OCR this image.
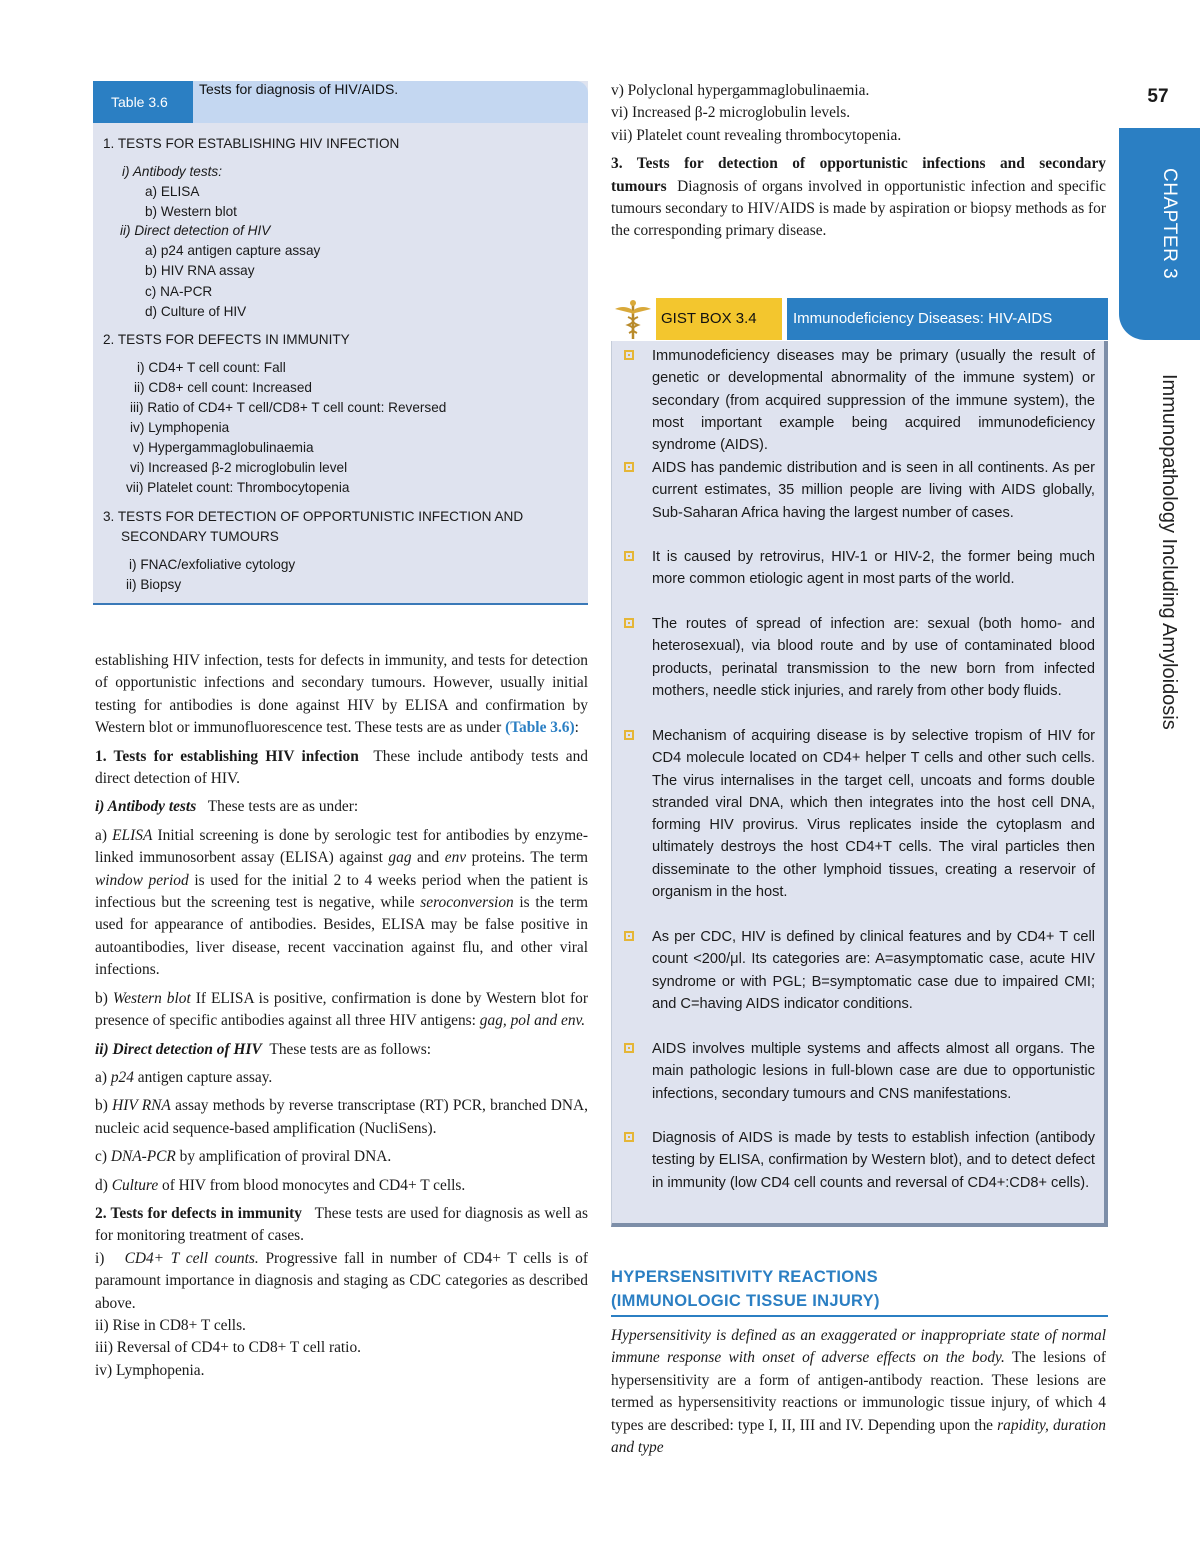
57
CHAPTER 3
Immunopathology Including Amyloidosis
Table 3.6
Tests for diagnosis of HIV/AIDS.
1. TESTS FOR ESTABLISHING HIV INFECTION
i) Antibody tests:
a) ELISA
b) Western blot
ii) Direct detection of HIV
a) p24 antigen capture assay
b) HIV RNA assay
c) NA-PCR
d) Culture of HIV
2. TESTS FOR DEFECTS IN IMMUNITY
i) CD4+ T cell count: Fall
ii) CD8+ cell count: Increased
iii) Ratio of CD4+ T cell/CD8+ T cell count: Reversed
iv) Lymphopenia
v) Hypergammaglobulinaemia
vi) Increased β-2 microglobulin level
vii) Platelet count: Thrombocytopenia
3. TESTS FOR DETECTION OF OPPORTUNISTIC INFECTION AND
SECONDARY TUMOURS
i) FNAC/exfoliative cytology
ii) Biopsy

establishing HIV infection, tests for defects in immunity, and tests for detection of opportunistic infections and secondary tumours. However, usually initial testing for antibodies is done against HIV by ELISA and confirmation by Western blot or immunofluorescence test. These tests are as under (Table 3.6):

1. Tests for establishing HIV infection These include antibody tests and direct detection of HIV.

i) Antibody tests These tests are as under:

a) ELISA Initial screening is done by serologic test for antibodies by enzyme-linked immunosorbent assay (ELISA) against gag and env proteins. The term window period is used for the initial 2 to 4 weeks period when the patient is infectious but the screening test is negative, while seroconversion is the term used for appearance of antibodies. Besides, ELISA may be false positive in autoantibodies, liver disease, recent vaccination against flu, and other viral infections.

b) Western blot If ELISA is positive, confirmation is done by Western blot for presence of specific antibodies against all three HIV antigens: gag, pol and env.

ii) Direct detection of HIV These tests are as follows:

a) p24 antigen capture assay.

b) HIV RNA assay methods by reverse transcriptase (RT) PCR, branched DNA, nucleic acid sequence-based amplification (NucliSens).

c) DNA-PCR by amplification of proviral DNA.

d) Culture of HIV from blood monocytes and CD4+ T cells.

2. Tests for defects in immunity These tests are used for diagnosis as well as for monitoring treatment of cases.

i) CD4+ T cell counts. Progressive fall in number of CD4+ T cells is of paramount importance in diagnosis and staging as CDC categories as described above.

ii) Rise in CD8+ T cells.

iii) Reversal of CD4+ to CD8+ T cell ratio.

iv) Lymphopenia.

v) Polyclonal hypergammaglobulinaemia.

vi) Increased β-2 microglobulin levels.

vii) Platelet count revealing thrombocytopenia.

3. Tests for detection of opportunistic infections and secondary tumours Diagnosis of organs involved in opportunistic infection and specific tumours secondary to HIV/AIDS is made by aspiration or biopsy methods as for the corresponding primary disease.

GIST BOX 3.4	Immunodeficiency Diseases: HIV-AIDS
Immunodeficiency diseases may be primary (usually the result of genetic or developmental abnormality of the immune system) or secondary (from acquired suppression of the immune system), the most important example being acquired immunodeficiency syndrome (AIDS).
AIDS has pandemic distribution and is seen in all continents. As per current estimates, 35 million people are living with AIDS globally, Sub-Saharan Africa having the largest number of cases.
It is caused by retrovirus, HIV-1 or HIV-2, the former being much more common etiologic agent in most parts of the world.
The routes of spread of infection are: sexual (both homo- and heterosexual), via blood route and by use of contaminated blood products, perinatal transmission to the new born from infected mothers, needle stick injuries, and rarely from other body fluids.
Mechanism of acquiring disease is by selective tropism of HIV for CD4 molecule located on CD4+ helper T cells and other such cells. The virus internalises in the target cell, uncoats and forms double stranded viral DNA, which then integrates into the host cell DNA, forming HIV provirus. Virus replicates inside the cytoplasm and ultimately destroys the host CD4+T cells. The viral particles then disseminate to the other lymphoid tissues, creating a reservoir of organism in the host.
As per CDC, HIV is defined by clinical features and by CD4+ T cell count <200/μl. Its categories are: A=asymptomatic case, acute HIV syndrome or with PGL; B=symptomatic case due to impaired CMI; and C=having AIDS indicator conditions.
AIDS involves multiple systems and affects almost all organs. The main pathologic lesions in full-blown case are due to opportunistic infections, secondary tumours and CNS manifestations.
Diagnosis of AIDS is made by tests to establish infection (antibody testing by ELISA, confirmation by Western blot), and to detect defect in immunity (low CD4 cell counts and reversal of CD4+:CD8+ cells).
HYPERSENSITIVITY REACTIONS
(IMMUNOLOGIC TISSUE INJURY)

Hypersensitivity is defined as an exaggerated or inappropriate state of normal immune response with onset of adverse effects on the body. The lesions of hypersensitivity are a form of antigen-antibody reaction. These lesions are termed as hypersensitivity reactions or immunologic tissue injury, of which 4 types are described: type I, II, III and IV. Depending upon the rapidity, duration and type
